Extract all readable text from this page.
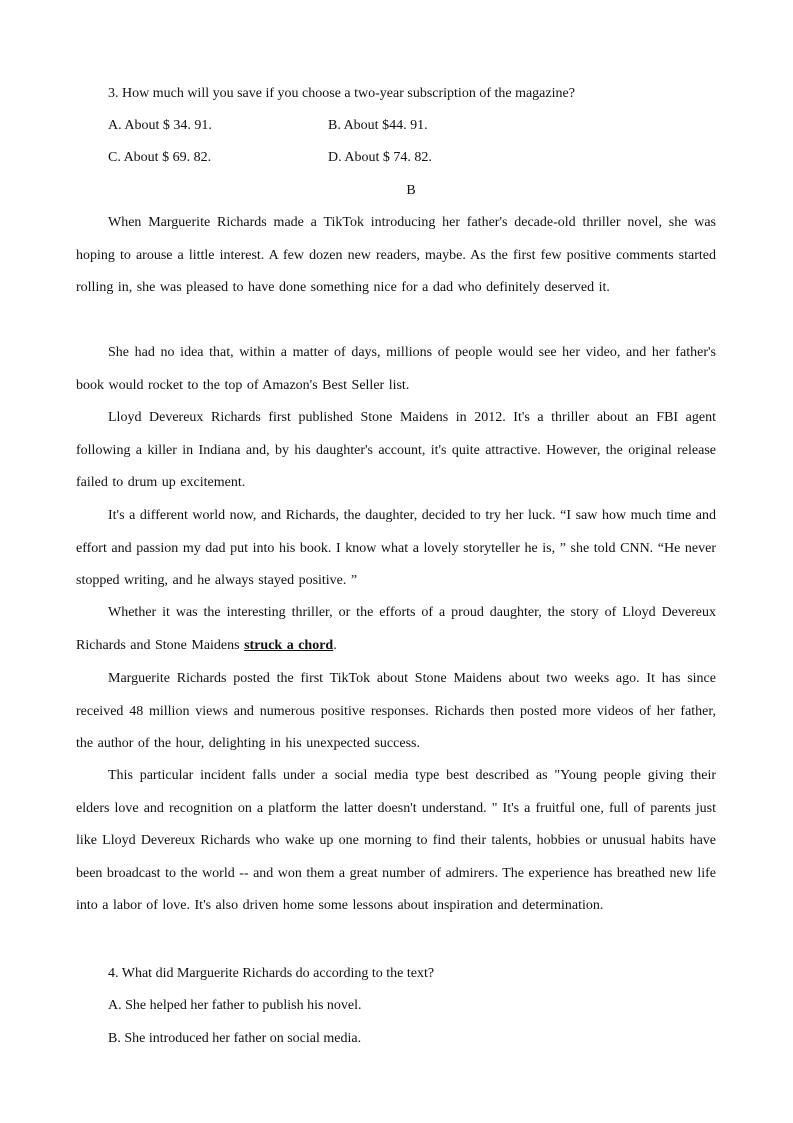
3. How much will you save if you choose a two-year subscription of the magazine?
A. About $ 34. 91.	B. About $44. 91.
C. About $ 69. 82.	D. About $ 74. 82.
B

When Marguerite Richards made a TikTok introducing her father's decade-old thriller novel, she was hoping to arouse a little interest. A few dozen new readers, maybe. As the first few positive comments started rolling in, she was pleased to have done something nice for a dad who definitely deserved it.

She had no idea that, within a matter of days, millions of people would see her video, and her father's book would rocket to the top of Amazon's Best Seller list.

Lloyd Devereux Richards first published Stone Maidens in 2012. It's a thriller about an FBI agent following a killer in Indiana and, by his daughter's account, it's quite attractive. However, the original release failed to drum up excitement.

It's a different world now, and Richards, the daughter, decided to try her luck. “I saw how much time and effort and passion my dad put into his book. I know what a lovely storyteller he is, ” she told CNN. “He never stopped writing, and he always stayed positive. ”

Whether it was the interesting thriller, or the efforts of a proud daughter, the story of Lloyd Devereux Richards and Stone Maidens struck a chord.

Marguerite Richards posted the first TikTok about Stone Maidens about two weeks ago. It has since received 48 million views and numerous positive responses. Richards then posted more videos of her father, the author of the hour, delighting in his unexpected success.

This particular incident falls under a social media type best described as "Young people giving their elders love and recognition on a platform the latter doesn't understand. " It's a fruitful one, full of parents just like Lloyd Devereux Richards who wake up one morning to find their talents, hobbies or unusual habits have been broadcast to the world -- and won them a great number of admirers. The experience has breathed new life into a labor of love. It's also driven home some lessons about inspiration and determination.

4. What did Marguerite Richards do according to the text?
A. She helped her father to publish his novel.
B. She introduced her father on social media.
